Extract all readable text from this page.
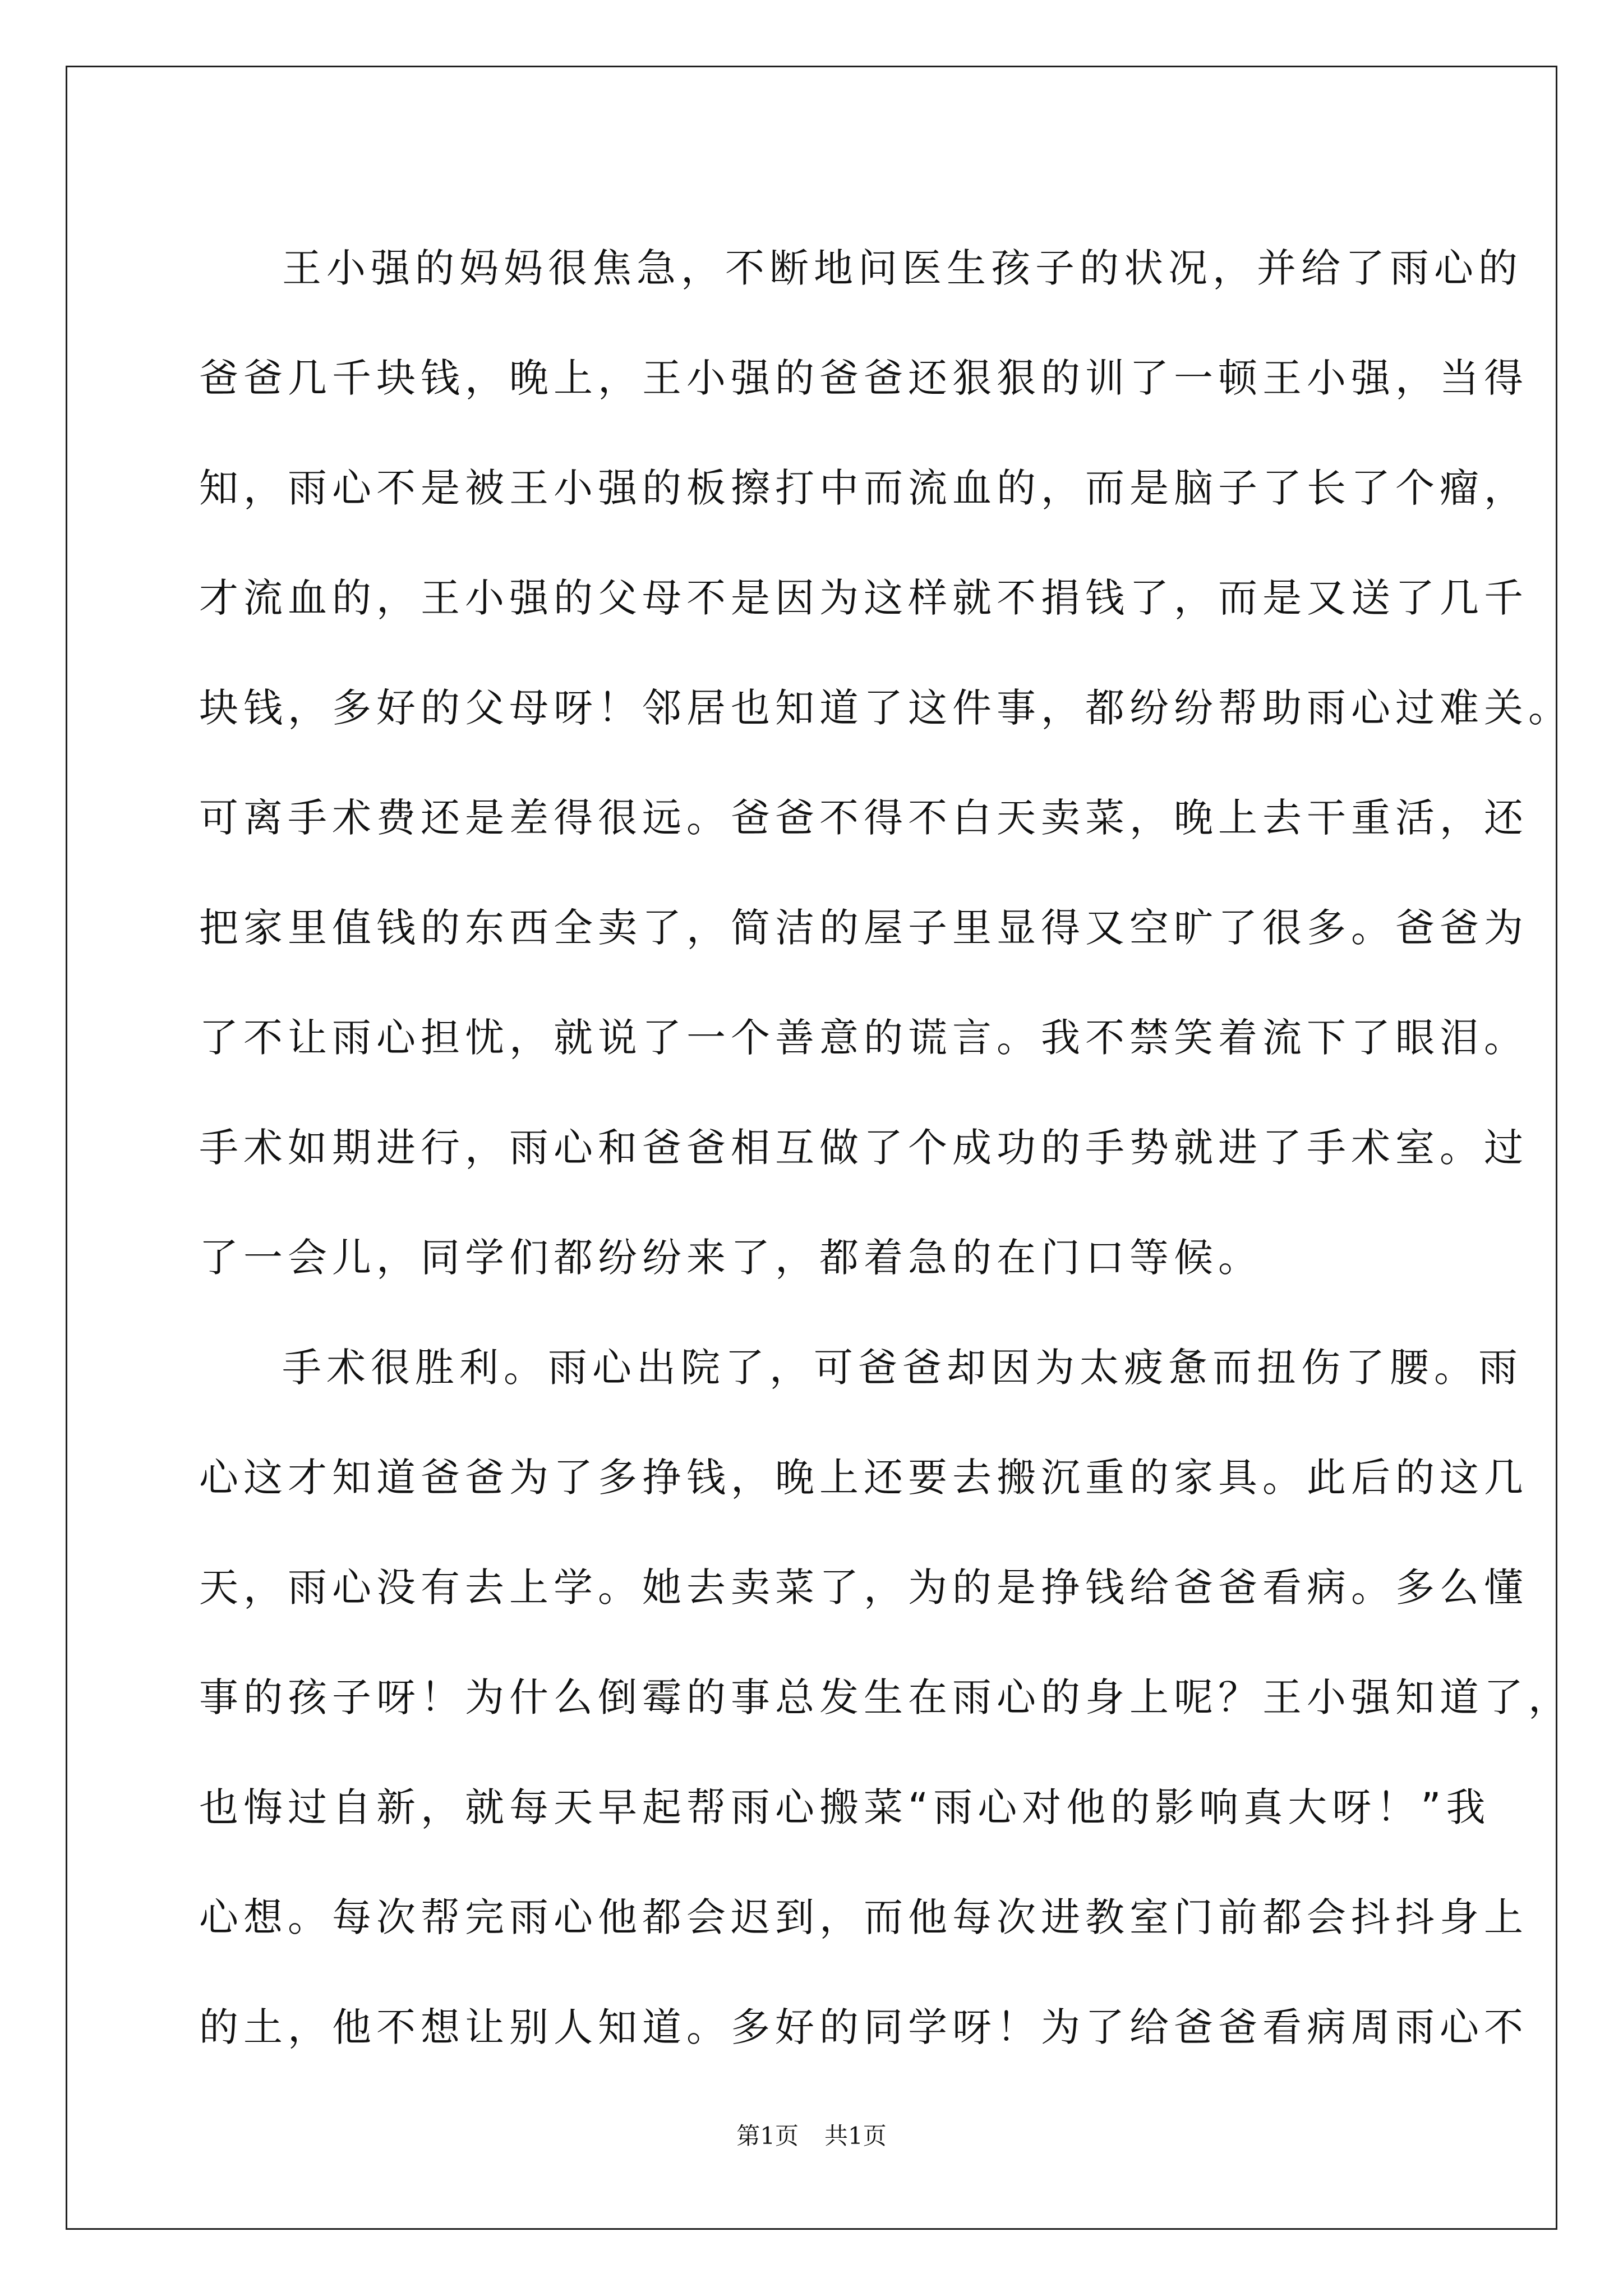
王小强的妈妈很焦急，不断地问医生孩子的状况，并给了雨心的
爸爸几千块钱，晚上，王小强的爸爸还狠狠的训了一顿王小强，当得
知，雨心不是被王小强的板擦打中而流血的，而是脑子了长了个瘤，
才流血的，王小强的父母不是因为这样就不捐钱了，而是又送了几千
块钱，多好的父母呀！邻居也知道了这件事，都纷纷帮助雨心过难关。
可离手术费还是差得很远。爸爸不得不白天卖菜，晚上去干重活，还
把家里值钱的东西全卖了，简洁的屋子里显得又空旷了很多。爸爸为
了不让雨心担忧，就说了一个善意的谎言。我不禁笑着流下了眼泪。
手术如期进行，雨心和爸爸相互做了个成功的手势就进了手术室。过
了一会儿，同学们都纷纷来了，都着急的在门口等候。
手术很胜利。雨心出院了，可爸爸却因为太疲惫而扭伤了腰。雨
心这才知道爸爸为了多挣钱，晚上还要去搬沉重的家具。此后的这几
天，雨心没有去上学。她去卖菜了，为的是挣钱给爸爸看病。多么懂
事的孩子呀！为什么倒霉的事总发生在雨心的身上呢？王小强知道了，
也悔过自新，就每天早起帮雨心搬菜“雨心对他的影响真大呀！”我
心想。每次帮完雨心他都会迟到，而他每次进教室门前都会抖抖身上
的土，他不想让别人知道。多好的同学呀！为了给爸爸看病周雨心不
第1页 共1页
